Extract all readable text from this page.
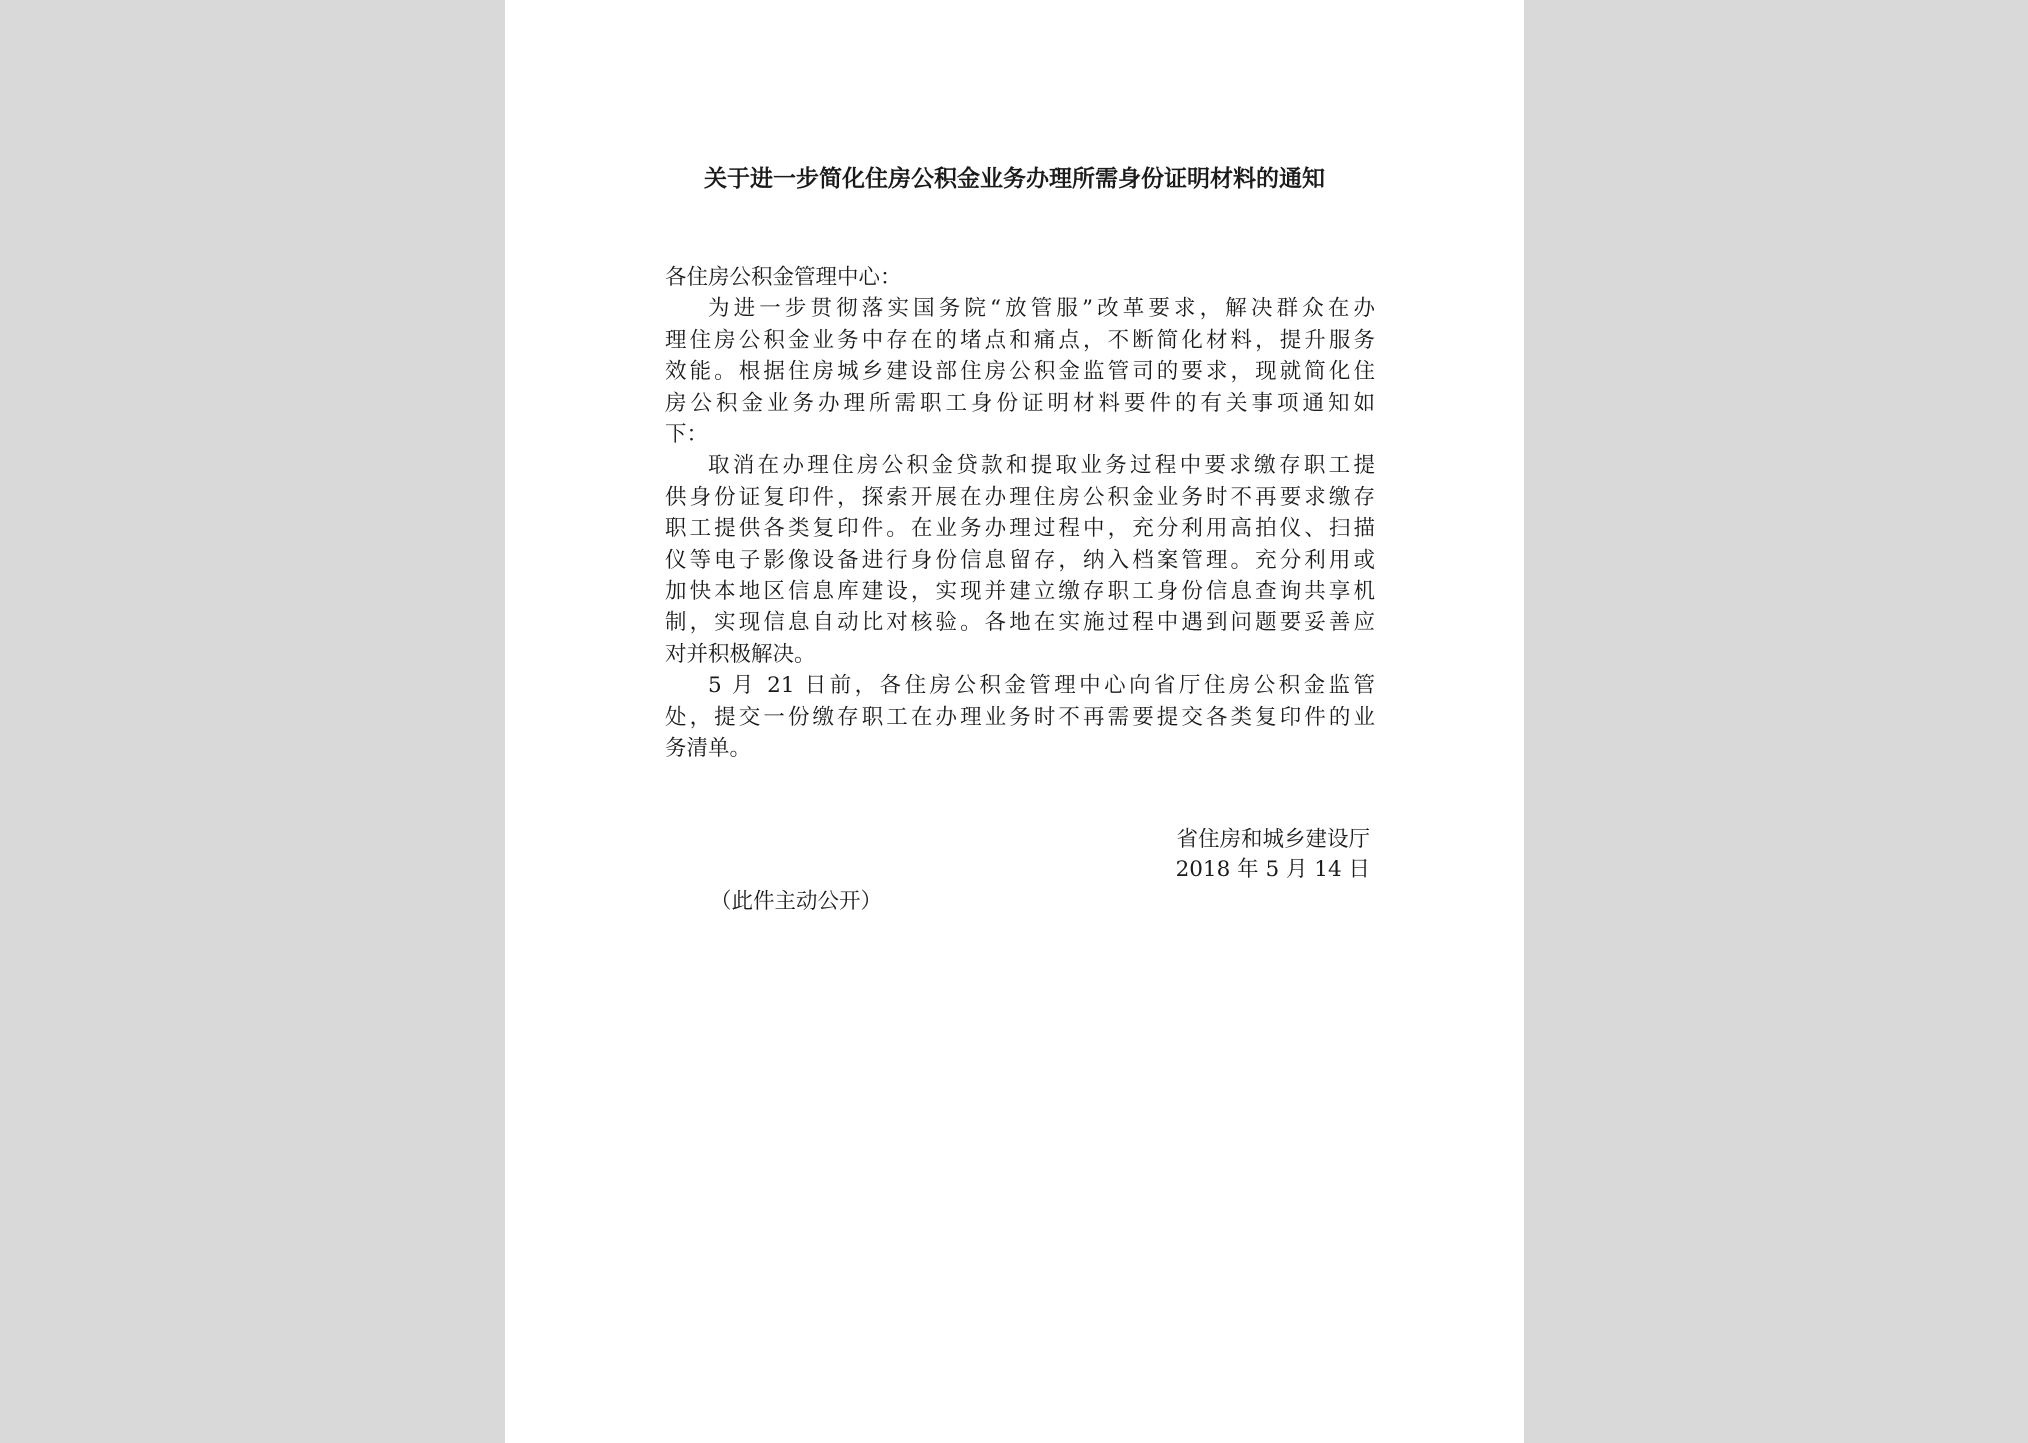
关于进一步简化住房公积金业务办理所需身份证明材料的通知

各住房公积金管理中心：

为进一步贯彻落实国务院“放管服”改革要求，解决群众在办
理住房公积金业务中存在的堵点和痛点，不断简化材料，提升服务
效能。根据住房城乡建设部住房公积金监管司的要求，现就简化住
房公积金业务办理所需职工身份证明材料要件的有关事项通知如
下：

取消在办理住房公积金贷款和提取业务过程中要求缴存职工提
供身份证复印件，探索开展在办理住房公积金业务时不再要求缴存
职工提供各类复印件。在业务办理过程中，充分利用高拍仪、扫描
仪等电子影像设备进行身份信息留存，纳入档案管理。充分利用或
加快本地区信息库建设，实现并建立缴存职工身份信息查询共享机
制，实现信息自动比对核验。各地在实施过程中遇到问题要妥善应
对并积极解决。

5 月 21 日前，各住房公积金管理中心向省厅住房公积金监管
处，提交一份缴存职工在办理业务时不再需要提交各类复印件的业
务清单。

省住房和城乡建设厅
2018 年 5 月 14 日
（此件主动公开）
